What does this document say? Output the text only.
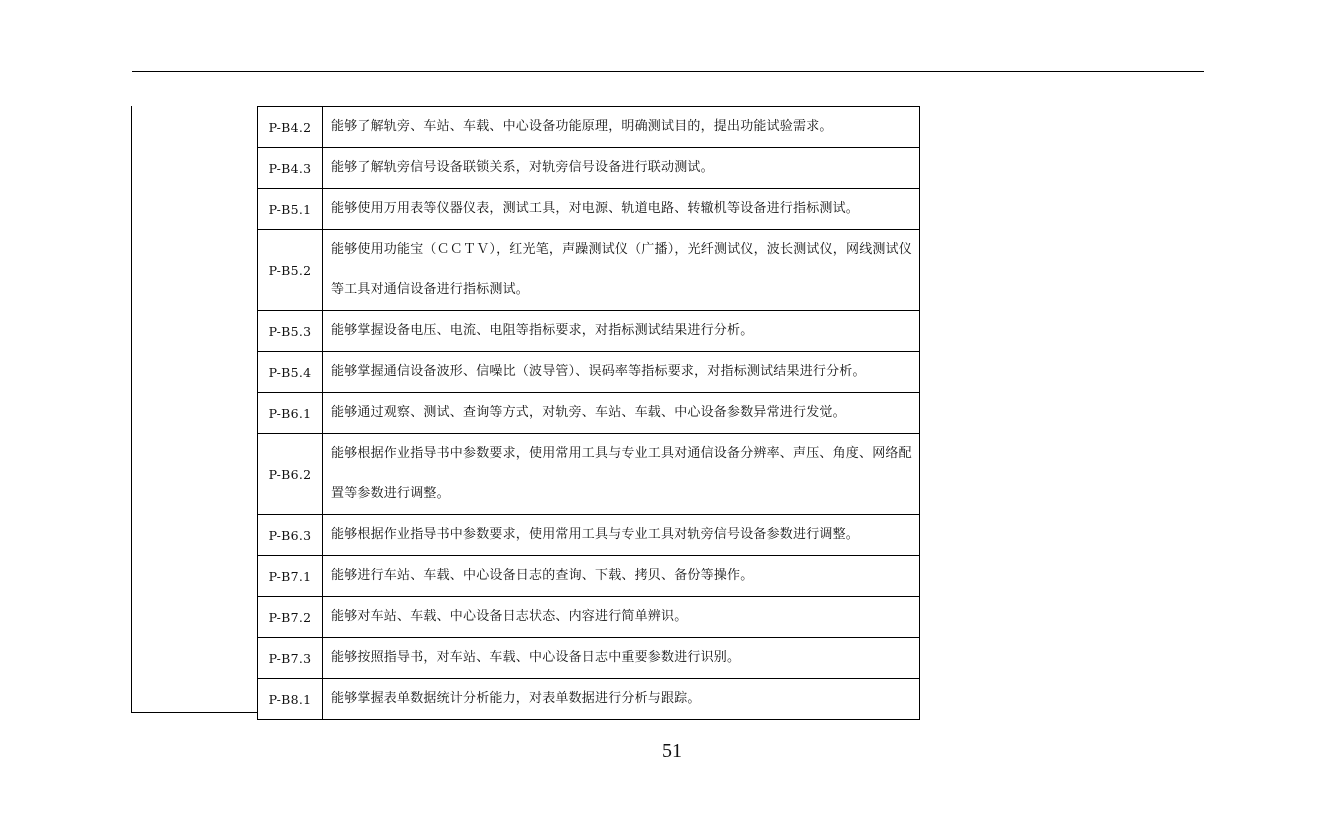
P-B4.2	能够了解轨旁、车站、车载、中心设备功能原理，明确测试目的，提出功能试验需求。
P-B4.3	能够了解轨旁信号设备联锁关系，对轨旁信号设备进行联动测试。
P-B5.1	能够使用万用表等仪器仪表，测试工具，对电源、轨道电路、转辙机等设备进行指标测试。
P-B5.2	能够使用功能宝（ＣＣＴＶ），红光笔，声躁测试仪（广播），光纤测试仪，波长测试仪，网线测试仪等工具对通信设备进行指标测试。
P-B5.3	能够掌握设备电压、电流、电阻等指标要求，对指标测试结果进行分析。
P-B5.4	能够掌握通信设备波形、信噪比（波导管）、误码率等指标要求，对指标测试结果进行分析。
P-B6.1	能够通过观察、测试、查询等方式，对轨旁、车站、车载、中心设备参数异常进行发觉。
P-B6.2	能够根据作业指导书中参数要求，使用常用工具与专业工具对通信设备分辨率、声压、角度、网络配置等参数进行调整。
P-B6.3	能够根据作业指导书中参数要求，使用常用工具与专业工具对轨旁信号设备参数进行调整。
P-B7.1	能够进行车站、车载、中心设备日志的查询、下载、拷贝、备份等操作。
P-B7.2	能够对车站、车载、中心设备日志状态、内容进行简单辨识。
P-B7.3	能够按照指导书，对车站、车载、中心设备日志中重要参数进行识别。
P-B8.1	能够掌握表单数据统计分析能力，对表单数据进行分析与跟踪。
51
